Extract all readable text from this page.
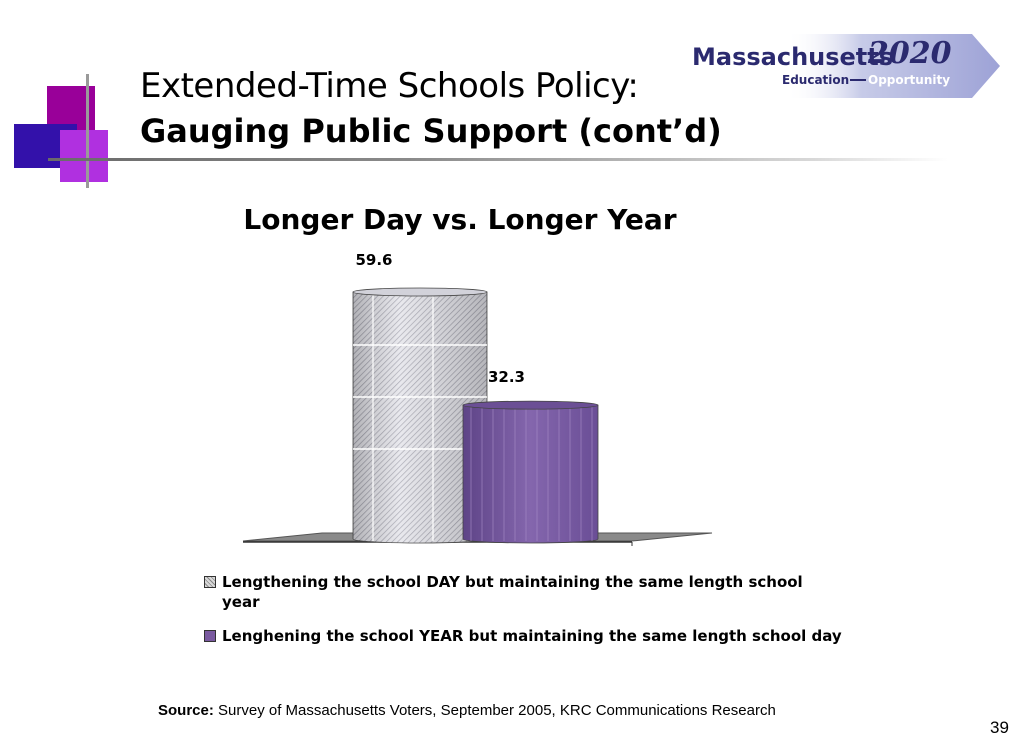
Extended-Time Schools Policy:
Gauging Public Support (cont’d)
Massachusetts
2020
Education Opportunity
Longer Day vs. Longer Year
59.6
32.3
Lengthening the school DAY but maintaining the same length school year
Lenghening the school YEAR but maintaining the same length school day
Source: Survey of Massachusetts Voters, September 2005, KRC Communications Research
39
